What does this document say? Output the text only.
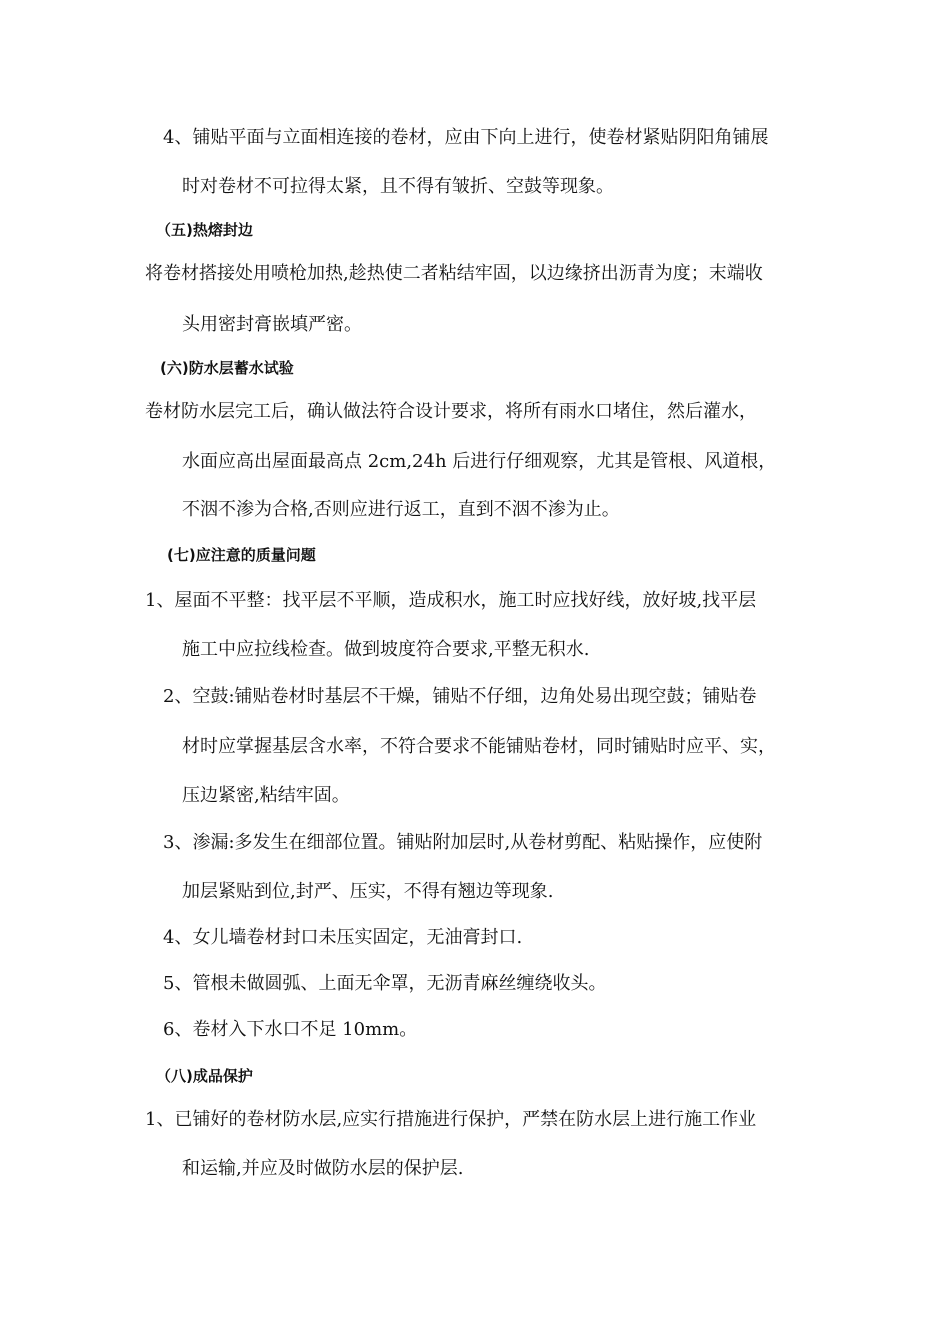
4、铺贴平面与立面相连接的卷材，应由下向上进行，使卷材紧贴阴阳角铺展
时对卷材不可拉得太紧，且不得有皱折、空鼓等现象。
（五)热熔封边
将卷材搭接处用喷枪加热,趁热使二者粘结牢固，以边缘挤出沥青为度；末端收
头用密封膏嵌填严密。
(六)防水层蓄水试验
卷材防水层完工后，确认做法符合设计要求，将所有雨水口堵住，然后灌水，
水面应高出屋面最高点 2cm,24h 后进行仔细观察，尤其是管根、风道根，
不洇不渗为合格,否则应进行返工，直到不洇不渗为止。
(七)应注意的质量问题
1、屋面不平整：找平层不平顺，造成积水，施工时应找好线，放好坡,找平层
施工中应拉线检查。做到坡度符合要求,平整无积水.
2、空鼓:铺贴卷材时基层不干燥，铺贴不仔细，边角处易出现空鼓；铺贴卷
材时应掌握基层含水率，不符合要求不能铺贴卷材，同时铺贴时应平、实，
压边紧密,粘结牢固。
3、渗漏:多发生在细部位置。铺贴附加层时,从卷材剪配、粘贴操作，应使附
加层紧贴到位,封严、压实，不得有翘边等现象.
4、女儿墙卷材封口未压实固定，无油膏封口.
5、管根未做圆弧、上面无伞罩，无沥青麻丝缠绕收头。
6、卷材入下水口不足 10mm。
（八)成品保护
1、已铺好的卷材防水层,应实行措施进行保护，严禁在防水层上进行施工作业
和运输,并应及时做防水层的保护层.
